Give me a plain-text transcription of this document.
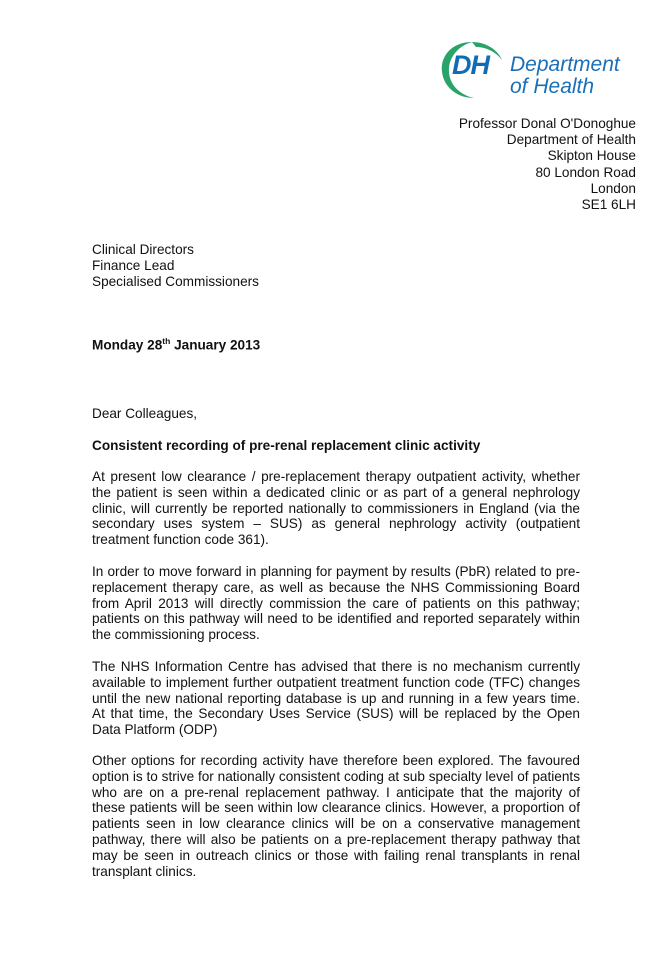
DH Department
of Health
Professor Donal O'Donoghue
Department of Health
Skipton House
80 London Road
London
SE1 6LH
Clinical Directors
Finance Lead
Specialised Commissioners
Monday 28th January 2013
Dear Colleagues,
Consistent recording of pre-renal replacement clinic activity

At present low clearance / pre-replacement therapy outpatient activity, whether the patient is seen within a dedicated clinic or as part of a general nephrology clinic, will currently be reported nationally to commissioners in England (via the secondary uses system – SUS) as general nephrology activity (outpatient treatment function code 361).

In order to move forward in planning for payment by results (PbR) related to pre-replacement therapy care, as well as because the NHS Commissioning Board from April 2013 will directly commission the care of patients on this pathway; patients on this pathway will need to be identified and reported separately within the commissioning process.

The NHS Information Centre has advised that there is no mechanism currently available to implement further outpatient treatment function code (TFC) changes until the new national reporting database is up and running in a few years time. At that time, the Secondary Uses Service (SUS) will be replaced by the Open Data Platform (ODP)

Other options for recording activity have therefore been explored. The favoured option is to strive for nationally consistent coding at sub specialty level of patients who are on a pre-renal replacement pathway. I anticipate that the majority of these patients will be seen within low clearance clinics. However, a proportion of patients seen in low clearance clinics will be on a conservative management pathway, there will also be patients on a pre-replacement therapy pathway that may be seen in outreach clinics or those with failing renal transplants in renal transplant clinics.
